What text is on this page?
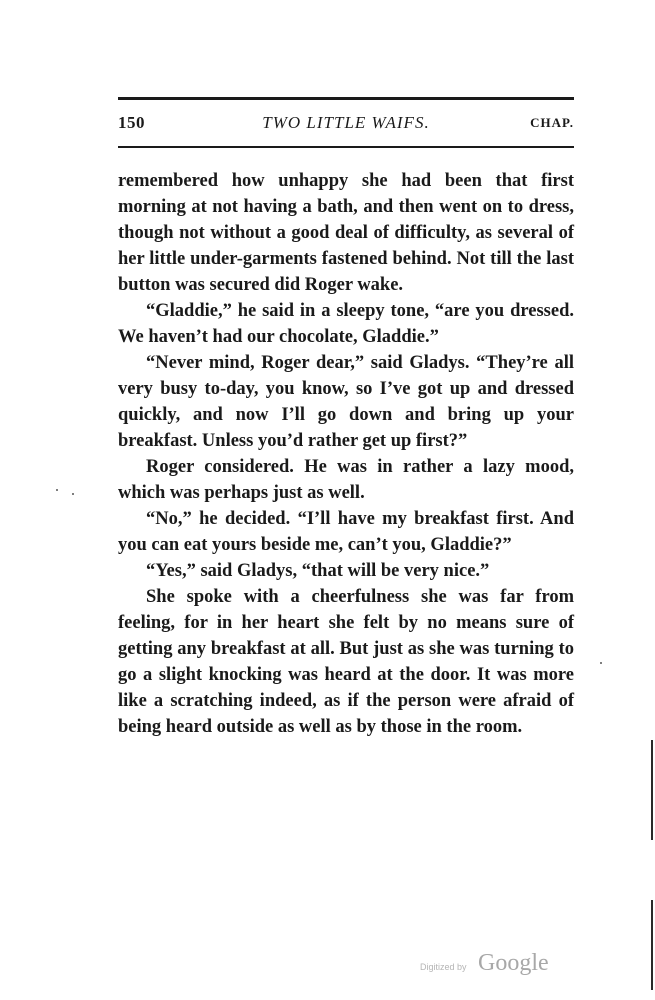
150	TWO LITTLE WAIFS.	CHAP.

remembered how unhappy she had been that first morning at not having a bath, and then went on to dress, though not without a good deal of difficulty, as several of her little under-garments fastened behind. Not till the last button was secured did Roger wake.

“Gladdie,” he said in a sleepy tone, “are you dressed. We haven’t had our chocolate, Gladdie.”

“Never mind, Roger dear,” said Gladys. “They’re all very busy to-day, you know, so I’ve got up and dressed quickly, and now I’ll go down and bring up your breakfast. Unless you’d rather get up first?”

Roger considered. He was in rather a lazy mood, which was perhaps just as well.

“No,” he decided. “I’ll have my breakfast first. And you can eat yours beside me, can’t you, Gladdie?”

“Yes,” said Gladys, “that will be very nice.”

She spoke with a cheerfulness she was far from feeling, for in her heart she felt by no means sure of getting any breakfast at all. But just as she was turning to go a slight knocking was heard at the door. It was more like a scratching indeed, as if the person were afraid of being heard outside as well as by those in the room.

Digitized by Google
